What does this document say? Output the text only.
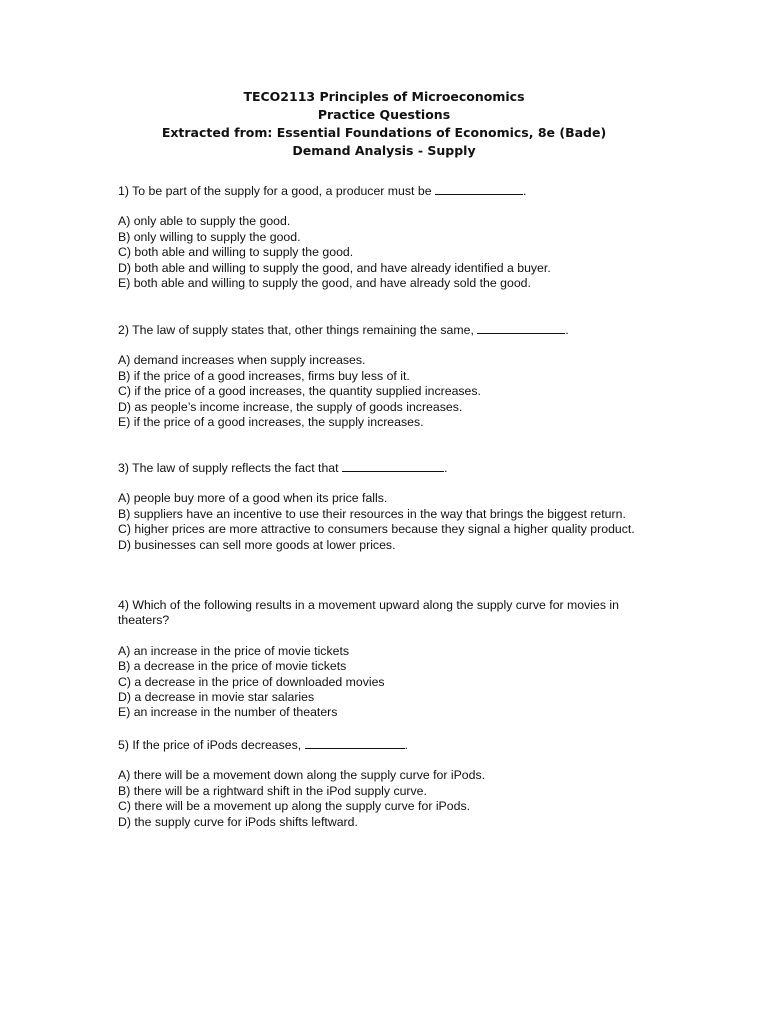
TECO2113 Principles of Microeconomics
Practice Questions
Extracted from: Essential Foundations of Economics, 8e (Bade)
Demand Analysis - Supply

1) To be part of the supply for a good, a producer must be	.

A) only able to supply the good.

B) only willing to supply the good.

C) both able and willing to supply the good.

D) both able and willing to supply the good, and have already identified a buyer.

E) both able and willing to supply the good, and have already sold the good.

2) The law of supply states that, other things remaining the same,	.

A) demand increases when supply increases.

B) if the price of a good increases, firms buy less of it.

C) if the price of a good increases, the quantity supplied increases.

D) as people’s income increase, the supply of goods increases.

E) if the price of a good increases, the supply increases.

3) The law of supply reflects the fact that	.

A) people buy more of a good when its price falls.

B) suppliers have an incentive to use their resources in the way that brings the biggest return.

C) higher prices are more attractive to consumers because they signal a higher quality product.

D) businesses can sell more goods at lower prices.

4) Which of the following results in a movement upward along the supply curve for movies in theaters?

A) an increase in the price of movie tickets

B) a decrease in the price of movie tickets

C) a decrease in the price of downloaded movies

D) a decrease in movie star salaries

E) an increase in the number of theaters

5) If the price of iPods decreases,	.

A) there will be a movement down along the supply curve for iPods.

B) there will be a rightward shift in the iPod supply curve.

C) there will be a movement up along the supply curve for iPods.

D) the supply curve for iPods shifts leftward.
